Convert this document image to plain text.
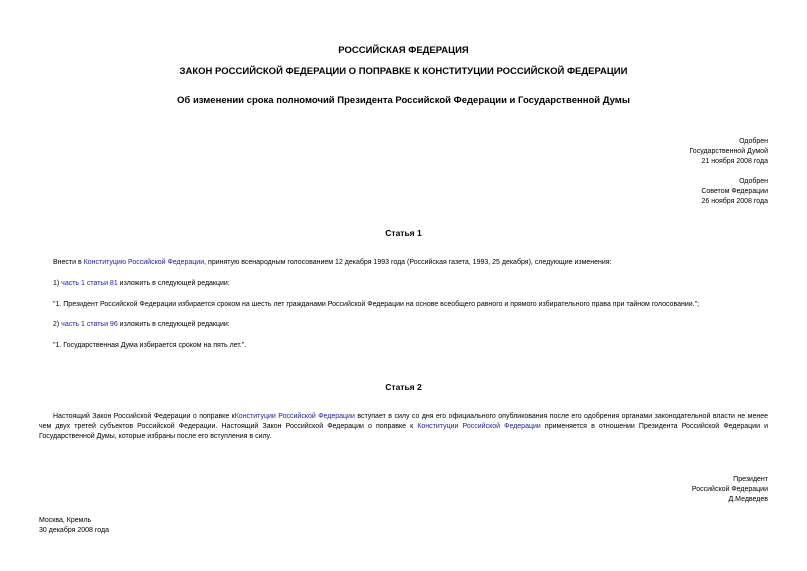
РОССИЙСКАЯ ФЕДЕРАЦИЯ
ЗАКОН РОССИЙСКОЙ ФЕДЕРАЦИИ О ПОПРАВКЕ К КОНСТИТУЦИИ РОССИЙСКОЙ ФЕДЕРАЦИИ
Об изменении срока полномочий Президента Российской Федерации и Государственной Думы
Одобрен
Государственной Думой
21 ноября 2008 года
Одобрен
Советом Федерации
26 ноября 2008 года
Статья 1
Внести в Конституцию Российской Федерации, принятую всенародным голосованием 12 декабря 1993 года (Российская газета, 1993, 25 декабря), следующие изменения:
1) часть 1 статьи 81 изложить в следующей редакции:
"1. Президент Российской Федерации избирается сроком на шесть лет гражданами Российской Федерации на основе всеобщего равного и прямого избирательного права при тайном голосовании.";
2) часть 1 статьи 96 изложить в следующей редакции:
"1. Государственная Дума избирается сроком на пять лет.".
Статья 2
Настоящий Закон Российской Федерации о поправке кКонституции Российской Федерации вступает в силу со дня его официального опубликования после его одобрения органами законодательной власти не менее чем двух третей субъектов Российской Федерации. Настоящий Закон Российской Федерации о поправке к Конституции Российской Федерации применяется в отношении Президента Российской Федерации и Государственной Думы, которые избраны после его вступления в силу.
Президент
Российской Федерации
Д.Медведев
Москва, Кремль
30 декабря 2008 года
